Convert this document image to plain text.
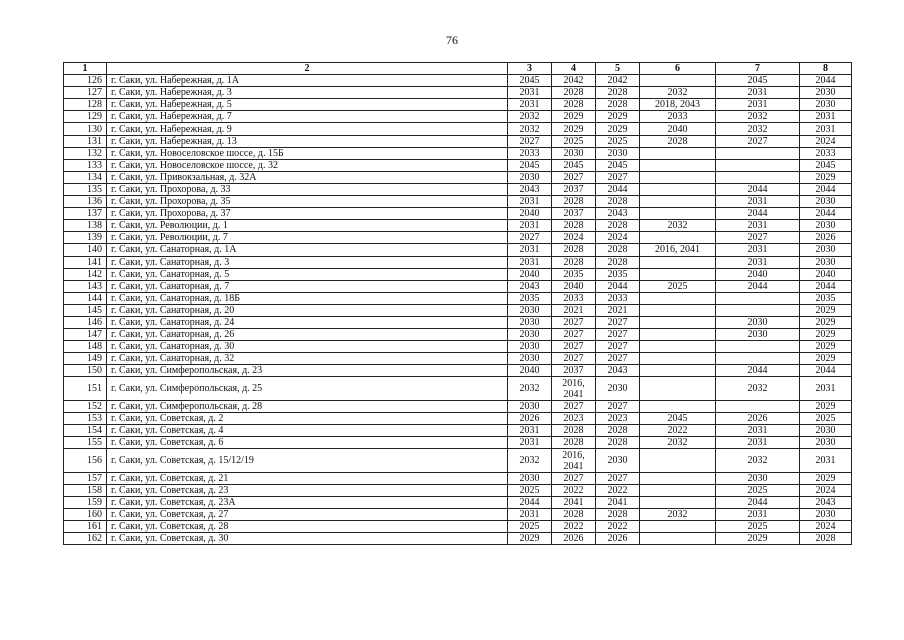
76
1	2	3	4	5	6	7	8
126	г. Саки, ул. Набережная, д. 1А	2045	2042	2042		2045	2044
127	г. Саки, ул. Набережная, д. 3	2031	2028	2028	2032	2031	2030
128	г. Саки, ул. Набережная, д. 5	2031	2028	2028	2018, 2043	2031	2030
129	г. Саки, ул. Набережная, д. 7	2032	2029	2029	2033	2032	2031
130	г. Саки, ул. Набережная, д. 9	2032	2029	2029	2040	2032	2031
131	г. Саки, ул. Набережная, д. 13	2027	2025	2025	2028	2027	2024
132	г. Саки, ул. Новоселовское шоссе, д. 15Б	2033	2030	2030			2033
133	г. Саки, ул. Новоселовское шоссе, д. 32	2045	2045	2045			2045
134	г. Саки, ул. Привокзальная, д. 32А	2030	2027	2027			2029
135	г. Саки, ул. Прохорова, д. 33	2043	2037	2044		2044	2044
136	г. Саки, ул. Прохорова, д. 35	2031	2028	2028		2031	2030
137	г. Саки, ул. Прохорова, д. 37	2040	2037	2043		2044	2044
138	г. Саки, ул. Революции, д. 1	2031	2028	2028	2032	2031	2030
139	г. Саки, ул. Революции, д. 7	2027	2024	2024		2027	2026
140	г. Саки, ул. Санаторная, д. 1А	2031	2028	2028	2016, 2041	2031	2030
141	г. Саки, ул. Санаторная, д. 3	2031	2028	2028		2031	2030
142	г. Саки, ул. Санаторная, д. 5	2040	2035	2035		2040	2040
143	г. Саки, ул. Санаторная, д. 7	2043	2040	2044	2025	2044	2044
144	г. Саки, ул. Санаторная, д. 18Б	2035	2033	2033			2035
145	г. Саки, ул. Санаторная, д. 20	2030	2021	2021			2029
146	г. Саки, ул. Санаторная, д. 24	2030	2027	2027		2030	2029
147	г. Саки, ул. Санаторная, д. 26	2030	2027	2027		2030	2029
148	г. Саки, ул. Санаторная, д. 30	2030	2027	2027			2029
149	г. Саки, ул. Санаторная, д. 32	2030	2027	2027			2029
150	г. Саки, ул. Симферопольская, д. 23	2040	2037	2043		2044	2044
151	г. Саки, ул. Симферопольская, д. 25	2032	2016, 2041	2030		2032	2031
152	г. Саки, ул. Симферопольская, д. 28	2030	2027	2027			2029
153	г. Саки, ул. Советская, д. 2	2026	2023	2023	2045	2026	2025
154	г. Саки, ул. Советская, д. 4	2031	2028	2028	2022	2031	2030
155	г. Саки, ул. Советская, д. 6	2031	2028	2028	2032	2031	2030
156	г. Саки, ул. Советская, д. 15/12/19	2032	2016, 2041	2030		2032	2031
157	г. Саки, ул. Советская, д. 21	2030	2027	2027		2030	2029
158	г. Саки, ул. Советская, д. 23	2025	2022	2022		2025	2024
159	г. Саки, ул. Советская, д. 23А	2044	2041	2041		2044	2043
160	г. Саки, ул. Советская, д. 27	2031	2028	2028	2032	2031	2030
161	г. Саки, ул. Советская, д. 28	2025	2022	2022		2025	2024
162	г. Саки, ул. Советская, д. 30	2029	2026	2026		2029	2028
